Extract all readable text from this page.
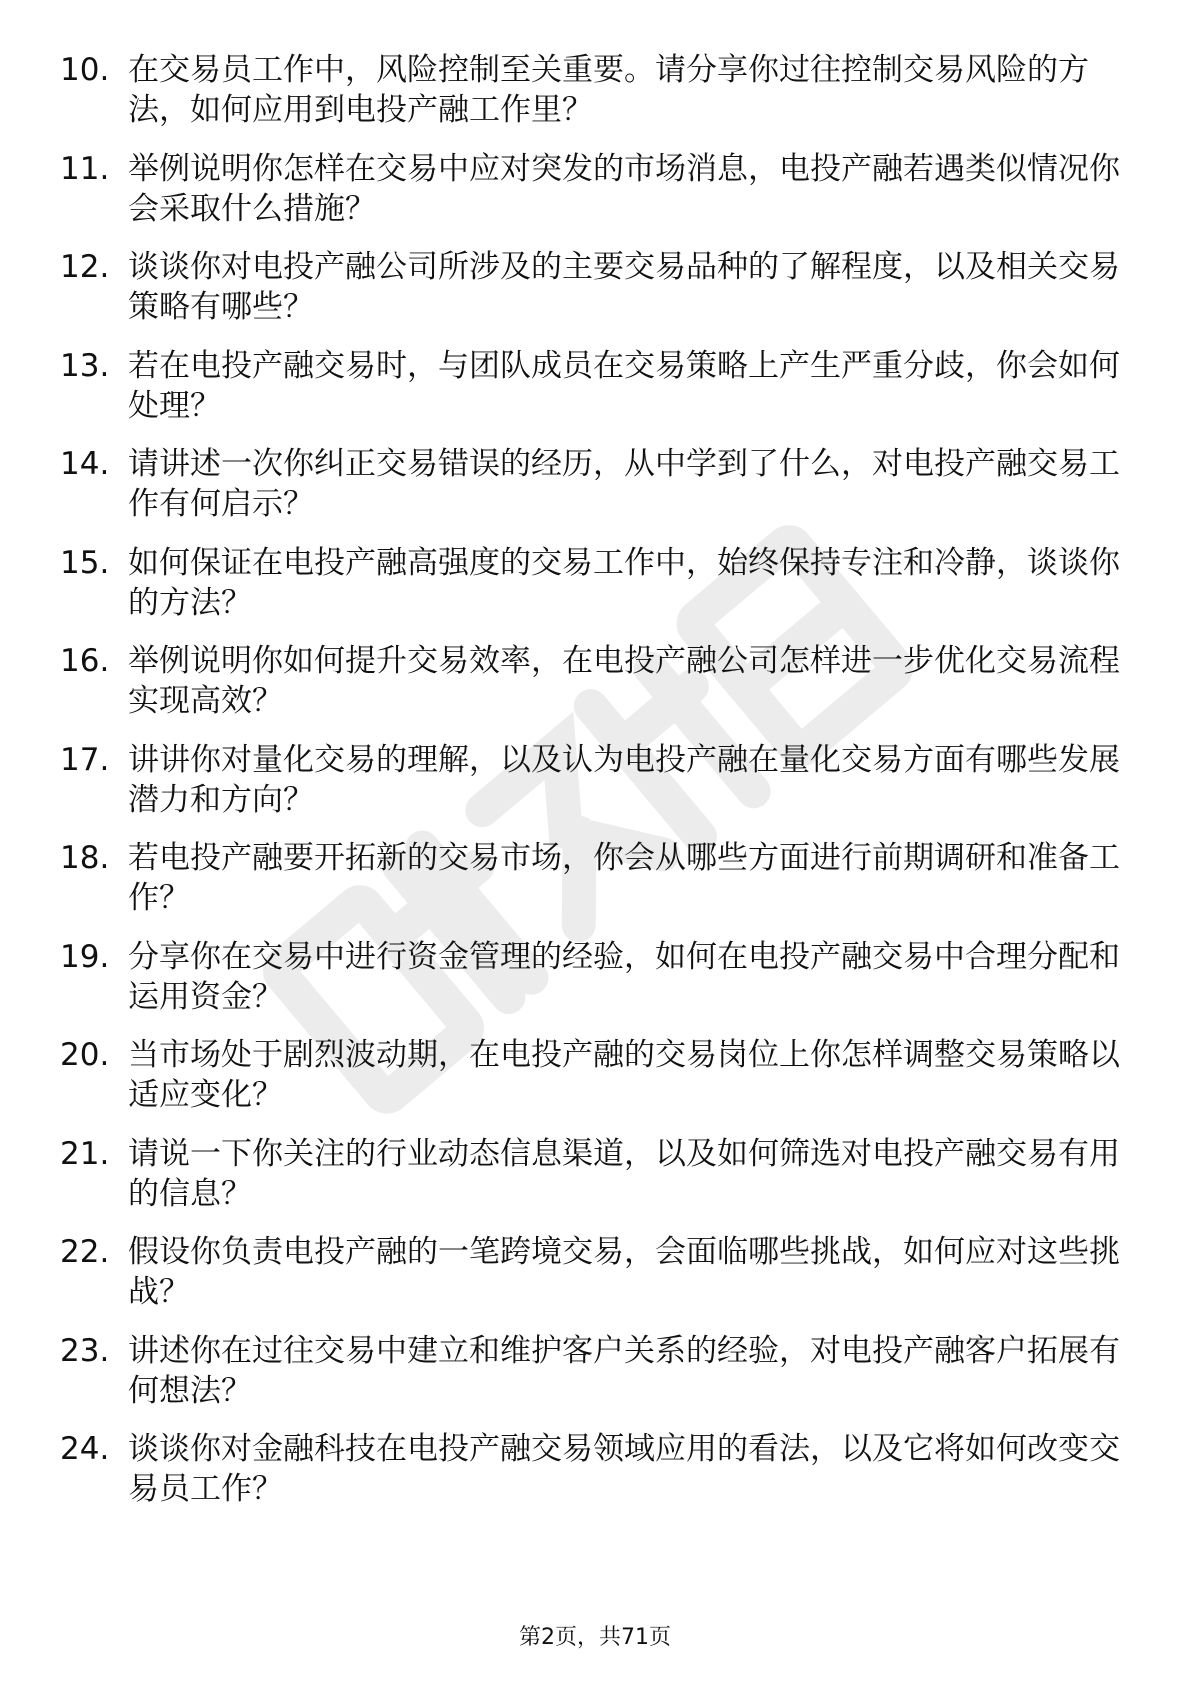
10. 在交易员工作中，风险控制至关重要。请分享你过往控制交易风险的方法，如何应用到电投产融工作里？
11. 举例说明你怎样在交易中应对突发的市场消息，电投产融若遇类似情况你会采取什么措施？
12. 谈谈你对电投产融公司所涉及的主要交易品种的了解程度，以及相关交易策略有哪些？
13. 若在电投产融交易时，与团队成员在交易策略上产生严重分歧，你会如何处理？
14. 请讲述一次你纠正交易错误的经历，从中学到了什么，对电投产融交易工作有何启示？
15. 如何保证在电投产融高强度的交易工作中，始终保持专注和冷静，谈谈你的方法？
16. 举例说明你如何提升交易效率，在电投产融公司怎样进一步优化交易流程实现高效？
17. 讲讲你对量化交易的理解，以及认为电投产融在量化交易方面有哪些发展潜力和方向？
18. 若电投产融要开拓新的交易市场，你会从哪些方面进行前期调研和准备工作？
19. 分享你在交易中进行资金管理的经验，如何在电投产融交易中合理分配和运用资金？
20. 当市场处于剧烈波动期，在电投产融的交易岗位上你怎样调整交易策略以适应变化？
21. 请说一下你关注的行业动态信息渠道，以及如何筛选对电投产融交易有用的信息？
22. 假设你负责电投产融的一笔跨境交易，会面临哪些挑战，如何应对这些挑战？
23. 讲述你在过往交易中建立和维护客户关系的经验，对电投产融客户拓展有何想法？
24. 谈谈你对金融科技在电投产融交易领域应用的看法，以及它将如何改变交易员工作？
第2页，共71页
